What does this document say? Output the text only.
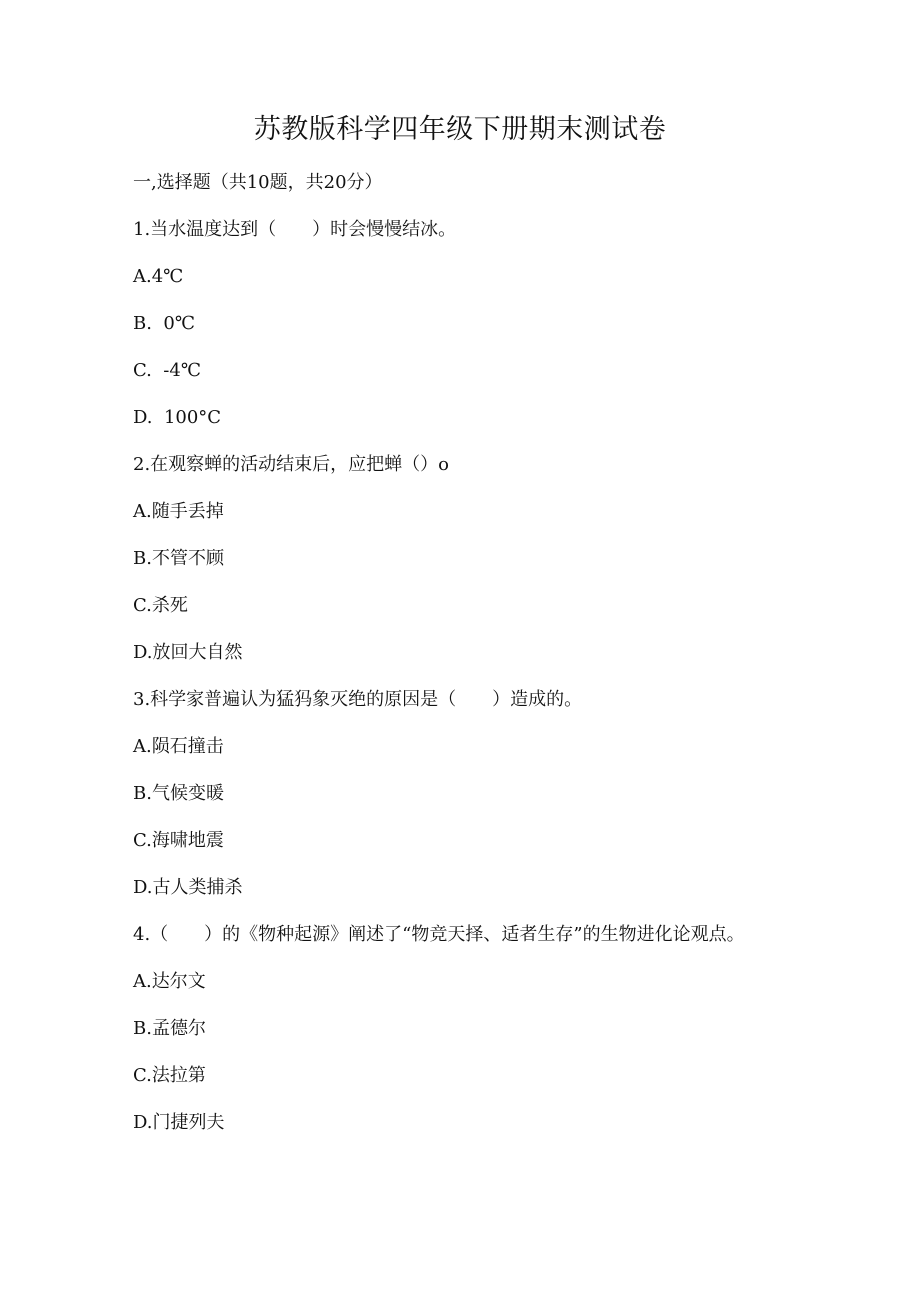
苏教版科学四年级下册期末测试卷
一,选择题（共10题，共20分）
1.当水温度达到（　　）时会慢慢结冰。
A.4℃
B.  0℃
C.  -4℃
D.  100°C
2.在观察蝉的活动结束后，应把蝉（）o
A.随手丢掉
B.不管不顾
C.杀死
D.放回大自然
3.科学家普遍认为猛犸象灭绝的原因是（　　）造成的。
A.陨石撞击
B.气候变暖
C.海啸地震
D.古人类捕杀
4.（　　）的《物种起源》阐述了“物竞天择、适者生存”的生物进化论观点。
A.达尔文
B.孟德尔
C.法拉第
D.门捷列夫
